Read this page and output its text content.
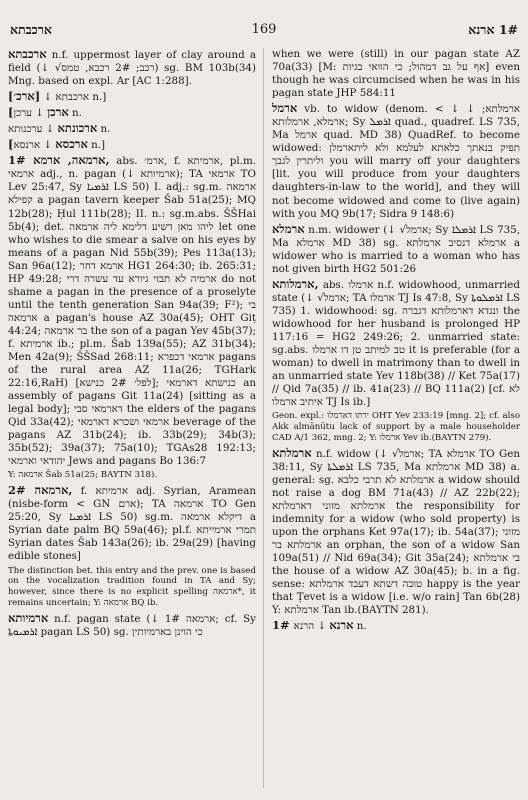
ארכבתא	169	1# ארנא
ארכבתא n.f. uppermost layer of clay around a field (↓ √רכב; 2# רכבא, טמס) sg. BM 103b(34) Mng. based on expl. Ar [AC 1:288].
[ארכ׳] ↓ ארכבתא n.]
[ארכן ↓ ערכן n.
ארכונתא ↓ ערכנותא n.
[ארכסא ↓ ארנסא n.]
1# ארמאה, ארמא, abs. ארמ׳, f. ארמיתא, pl.m. ארמאי adj., n. pagan (↓ ארמיותא); TA ארמאי TO Lev 25:47, Sy ܐܪܡܝܐ LS 50) I. adj.: sg.m. ארמאה קפילא a pagan tavern keeper Šab 51a(25); MQ 12b(28); Ḥul 111b(28); II. n.: sg.m.abs. ŠŠHai 5b(4); det. ליהו מאן דשיע דלימא ליה ארמאה let one who wishes to die smear a salve on his eyes by means of a pagan Nid 55b(39); Pes 113a(13); San 96a(12); ארמא דחר HG1 264:30; ib. 265:31; HP 49:28; ארמיה לא תבזי גיורא עד עשרה דרי do not shame a pagan in the presence of a proselyte until the tenth generation San 94a(39; F²); בי ארמאה a pagan's house AZ 30a(45); OHT Giṭ 44:24; בר ארמאה the son of a pagan Yev 45b(37); f. ארמיתא ib.; pl.m. Šab 139a(55); AZ 31b(34); Men 42a(9); ŠŠSad 268:11; ארמאי דכפרא pagans of the rural area AZ 11a(26; TGHark 22:16,RaH) [לפל׳ 2# כנישא]; כנישתא דארמאי an assembly of pagans Git 11a(24) [sitting as a legal body]; דארמאי סבי the elders of the pagans Qid 33a(42); ארמאי ושכרא דארמאי beverage of the pagans AZ 31b(24); ib. 33b(29); 34b(3); 35b(52); 39a(37); 75a(10); TGAs28 192:13; יהודאי וארמאי Jews and pagans Bo 136:7
Y: ארמאה Šab 51a(25; BAYTN 318).
2# ארמאה, f. ארמיתא adj. Syrian, Aramean (nisbe-form < GN ארם); TA ארמאה TO Gen 25:20, Sy ܐܪܡܝܐ LS 50) sg.m. דיקלא ארמאה a Syrian date palm BQ 59a(46); pl.f. תמרי ארמייתא Syrian dates Šab 143a(26); ib. 29a(29) [having edible stones]
The distinction bet. this entry and the prev. one is based on the vocalization tradition found in TA and Sy; however, since there is no explicit spelling ארמאה*, it remains uncertain; Y: ארמאה BQ ib.
ארמיותא n.f. pagan state (↓ 1# ארמאה; cf. Sy ܐܪܡܝܘܬܐ pagan LS 50) sg. כי הוינן בארמיותין
when we were (still) in our pagan state AZ 70a(33) [M: אף על גב דמהול; כי הוואי בגיות] even though he was circumcised when he was in his pagan state JHP 584:11
ארמל vb. to widow (denom. < ↓ ארמלתא; ↓ ארמלא, ארמלותא; Sy ܐܪܡܠ quad., quadref. LS 735, Ma ארמל quad. MD 38) QuadRef. to become widowed: תפיק בנאתך כלאתא לעלמא ולא ליתארמלן וליתרין לגבך you will marry off your daughters [lit. you will produce from your daughters daughters-in-law to the world], and they will not become widowed and come to (live again) with you MQ 9b(17; Sidra 9 148:6)
ארמלא n.m. widower (↓ √ארמל; Sy ܐܪܡܠܐ LS 735, Ma ארמלא MD 38) sg. ארמלא דנסיב ארמלתא a widower who is married to a woman who has not given birth HG2 501:26
ארמלותא, abs. ארמלו n.f. widowhood, unmarried state (↓ √ארמל; TA ארמלו TJ Is 47:8, Sy ܐܪܡܠܘܬܐ LS 735) 1. widowhood: sg. ונגדא דארמלותא דגברה the widowhood for her husband is prolonged HP 117:16 = HG2 249:26; 2. unmarried state: sg.abs. טב למיתב טן דו ארמלו it is preferable (for a woman) to dwell in matrimony than to dwell in an unmarried state Yev 118b(38) // Ket 75a(17) // Qid 7a(35) // ib. 41a(23) // BQ 111a(2) [cf. לא איתיב ארמלו TJ Is ib.]
Geon. expl.: ירתו דארמלו OHT Yev 233:19 [mng. 2]; cf. also Akk almānūtu lack of support by a male householder CAD A/1 362, mng. 2; Y: ארמלו Yev ib.(BAYTN 279).
ארמלתא n.f. widow (↓ √ארמל; TA ארמלא TO Gen 38:11, Sy ܐܪܡܠܬܐ LS 735, Ma ארמלתא MD 38) a. general: sg. ארמלתא לא תרבי כלבא a widow should not raise a dog BM 71a(43) // AZ 22b(22); ארמלתא מזוני דארמלתא the responsibility for indemnity for a widow (who sold property) is upon the orphans Ket 97a(17); ib. 54a(37); מזוני ארמלתא בר an orphan, the son of a widow San 109a(51) // Nid 69a(34); Git 35a(24); בי ארמלתא the house of a widow AZ 30a(45); b. in a fig. sense: טובה דשתא דעבד ארמלתא happy is the year that Ṭevet is a widow [i.e. w/o rain] Tan 6b(28) Y: ארמלתא Tan ib.(BAYTN 281).
1# ארנא ↓ הרנא n.
